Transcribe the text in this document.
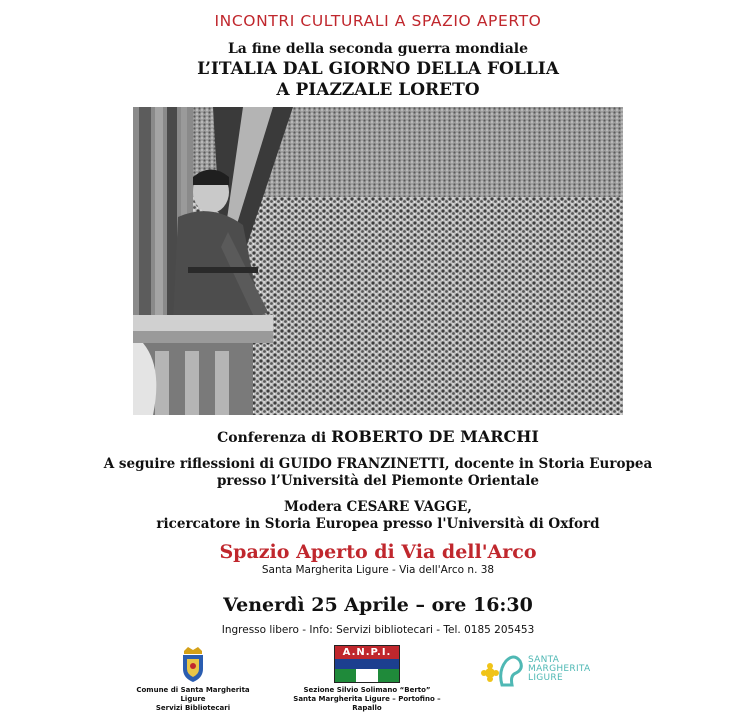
INCONTRI CULTURALI A SPAZIO APERTO
La fine della seconda guerra mondiale
L’ITALIA DAL GIORNO DELLA FOLLIA
A PIAZZALE LORETO
Conferenza di ROBERTO DE MARCHI
A seguire riflessioni di GUIDO FRANZINETTI, docente in Storia Europea
presso l’Università del Piemonte Orientale
Modera CESARE VAGGE,
ricercatore in Storia Europea presso l'Università di Oxford
Spazio Aperto di Via dell'Arco
Santa Margherita Ligure - Via dell'Arco n. 38
Venerdì 25 Aprile – ore 16:30
Ingresso libero - Info: Servizi bibliotecari - Tel. 0185 205453
Comune di Santa Margherita Ligure
Servizi Bibliotecari
A.N.P.I.
Sezione Silvio Solimano “Berto”
Santa Margherita Ligure – Portofino – Rapallo
SANTA
MARGHERITA
LIGURE
